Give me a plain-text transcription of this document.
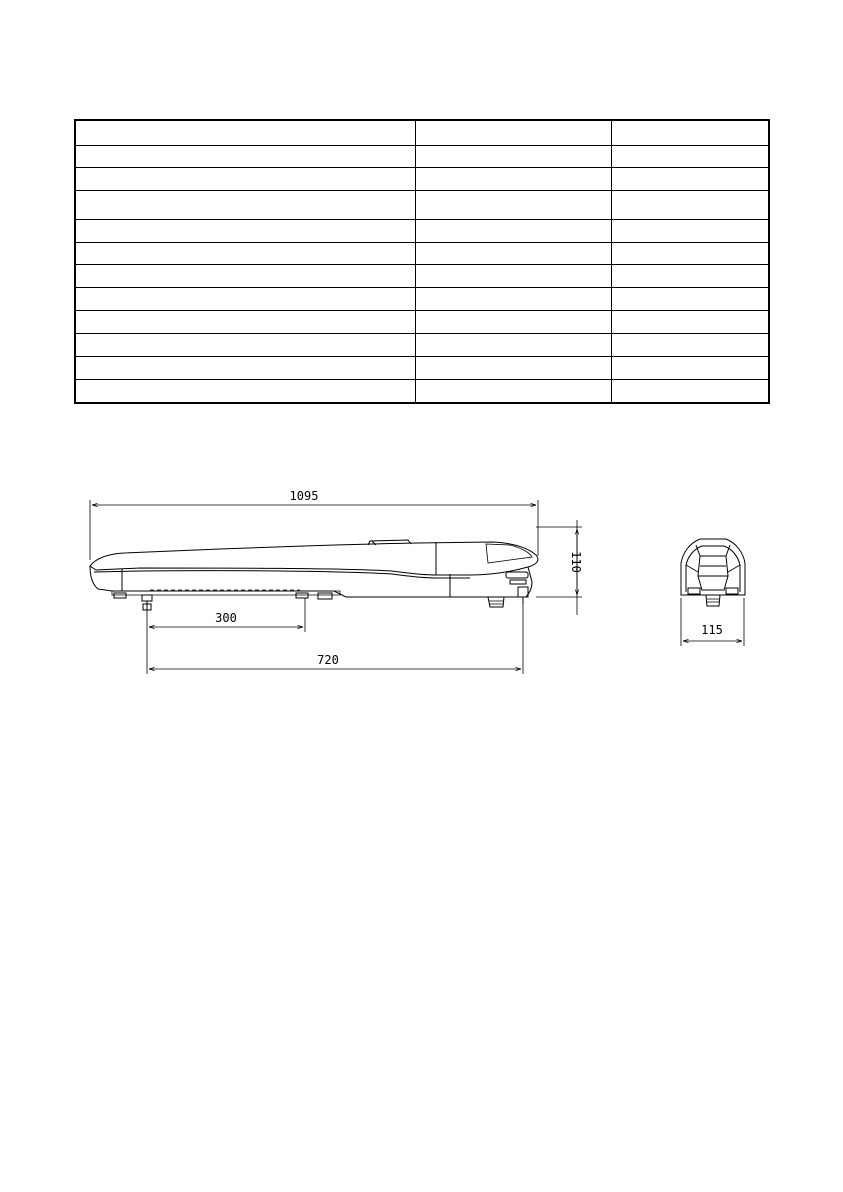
1095
110
300
720
115
